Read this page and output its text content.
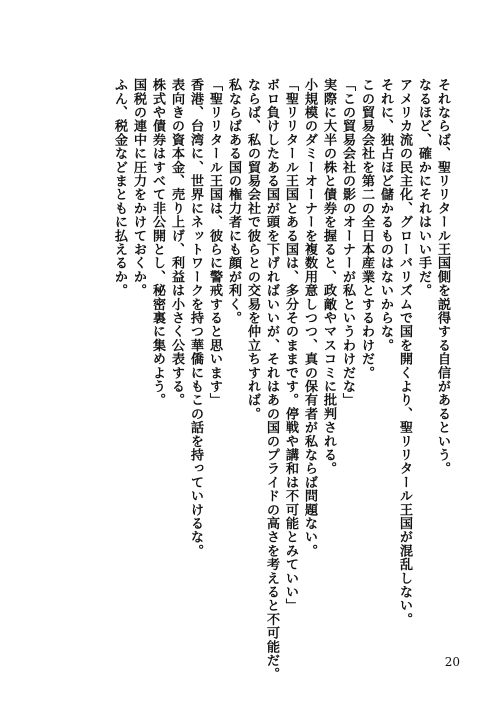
それならば、聖リリタール王国側を説得する自信があるという。
なるほど、確かにそれはいい手だ。
アメリカ流の民主化、グローバリズムで国を開くより、聖リリタール王国が混乱しない。
それに、独占ほど儲かるものはないからな。
この貿易会社を第二の全日本産業とするわけだ。
「この貿易会社の影のオーナーが私というわけだな」
実際に大半の株と債券を握ると、政敵やマスコミに批判される。
小規模のダミーオーナーを複数用意しつつ、真の保有者が私ならば問題ない。
「聖リリタール王国とある国は、多分そのままです。停戦や講和は不可能とみていい」
ボロ負けしたある国が頭を下げればいいが、それはあの国のプライドの高さを考えると不可能だ。
ならば、私の貿易会社で彼らとの交易を仲立ちすれば。
私ならばある国の権力者にも顔が利く。
「聖リリタール王国は、彼らに警戒すると思います」
香港、台湾に、世界にネットワークを持つ華僑にもこの話を持っていけるな。
表向きの資本金、売り上げ、利益は小さく公表する。
株式や債券はすべて非公開とし、秘密裏に集めよう。
国税の連中に圧力をかけておくか。
ふん、税金などまともに払えるか。
20
